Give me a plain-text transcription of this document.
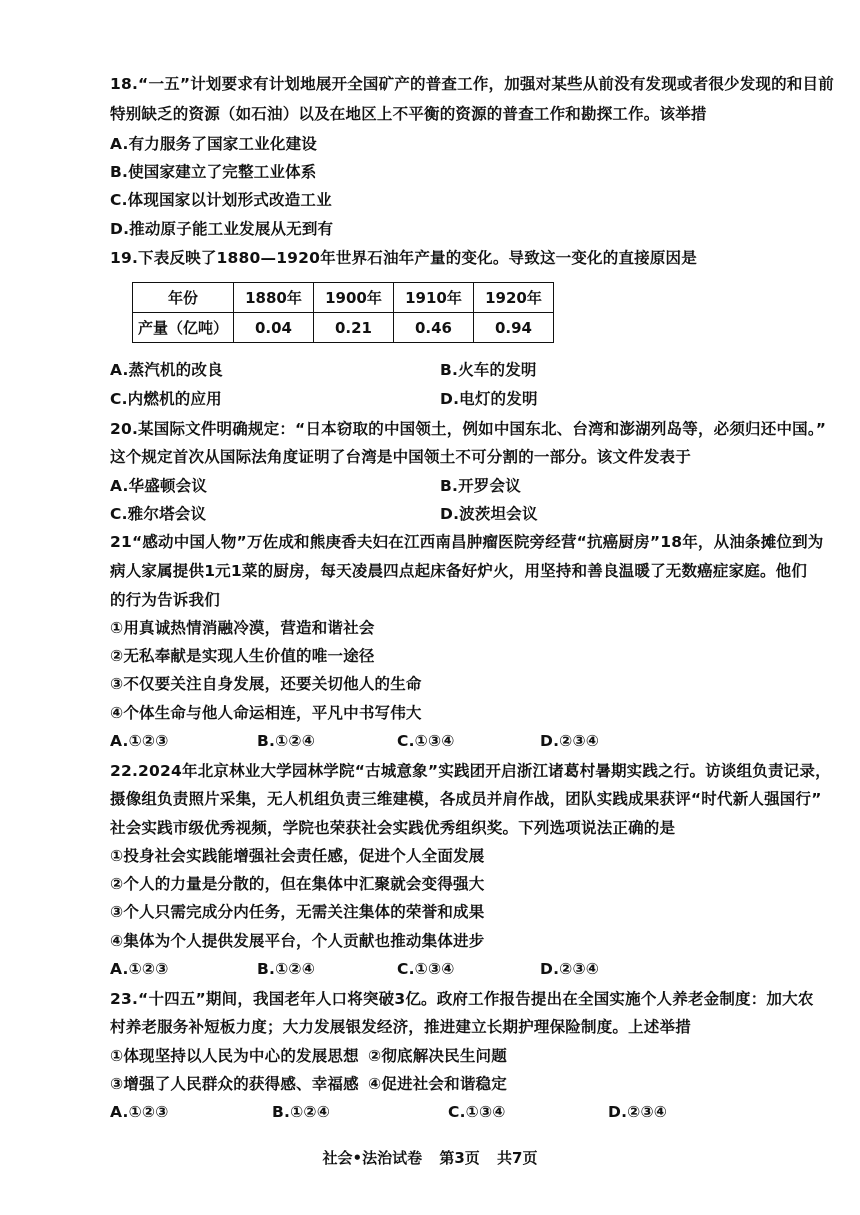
18.“一五”计划要求有计划地展开全国矿产的普查工作，加强对某些从前没有发现或者很少发现的和目前
特别缺乏的资源（如石油）以及在地区上不平衡的资源的普查工作和勘探工作。该举措
A.有力服务了国家工业化建设
B.使国家建立了完整工业体系
C.体现国家以计划形式改造工业
D.推动原子能工业发展从无到有
19.下表反映了1880—1920年世界石油年产量的变化。导致这一变化的直接原因是
年份	1880年	1900年	1910年	1920年
产量（亿吨）	0.04	0.21	0.46	0.94
A.蒸汽机的改良	B.火车的发明
C.内燃机的应用	D.电灯的发明
20.某国际文件明确规定：“日本窃取的中国领土，例如中国东北、台湾和澎湖列岛等，必须归还中国。”
这个规定首次从国际法角度证明了台湾是中国领土不可分割的一部分。该文件发表于
A.华盛顿会议	B.开罗会议
C.雅尔塔会议	D.波茨坦会议
21“感动中国人物”万佐成和熊庚香夫妇在江西南昌肿瘤医院旁经营“抗癌厨房”18年，从油条摊位到为
病人家属提供1元1菜的厨房，每天凌晨四点起床备好炉火，用坚持和善良温暖了无数癌症家庭。他们
的行为告诉我们
①用真诚热情消融冷漠，营造和谐社会
②无私奉献是实现人生价值的唯一途径
③不仅要关注自身发展，还要关切他人的生命
④个体生命与他人命运相连，平凡中书写伟大
A.①②③	B.①②④	C.①③④	D.②③④
22.2024年北京林业大学园林学院“古城意象”实践团开启浙江诸葛村暑期实践之行。访谈组负责记录，
摄像组负责照片采集，无人机组负责三维建模，各成员并肩作战，团队实践成果获评“时代新人强国行”
社会实践市级优秀视频，学院也荣获社会实践优秀组织奖。下列选项说法正确的是
①投身社会实践能增强社会责任感，促进个人全面发展
②个人的力量是分散的，但在集体中汇聚就会变得强大
③个人只需完成分内任务，无需关注集体的荣誉和成果
④集体为个人提供发展平台，个人贡献也推动集体进步
A.①②③	B.①②④	C.①③④	D.②③④
23.“十四五”期间，我国老年人口将突破3亿。政府工作报告提出在全国实施个人养老金制度：加大农
村养老服务补短板力度；大力发展银发经济，推进建立长期护理保险制度。上述举措
①体现坚持以人民为中心的发展思想 ②彻底解决民生问题
③增强了人民群众的获得感、幸福感 ④促进社会和谐稳定
A.①②③	B.①②④	C.①③④	D.②③④
社会•法治试卷 第3页 共7页
